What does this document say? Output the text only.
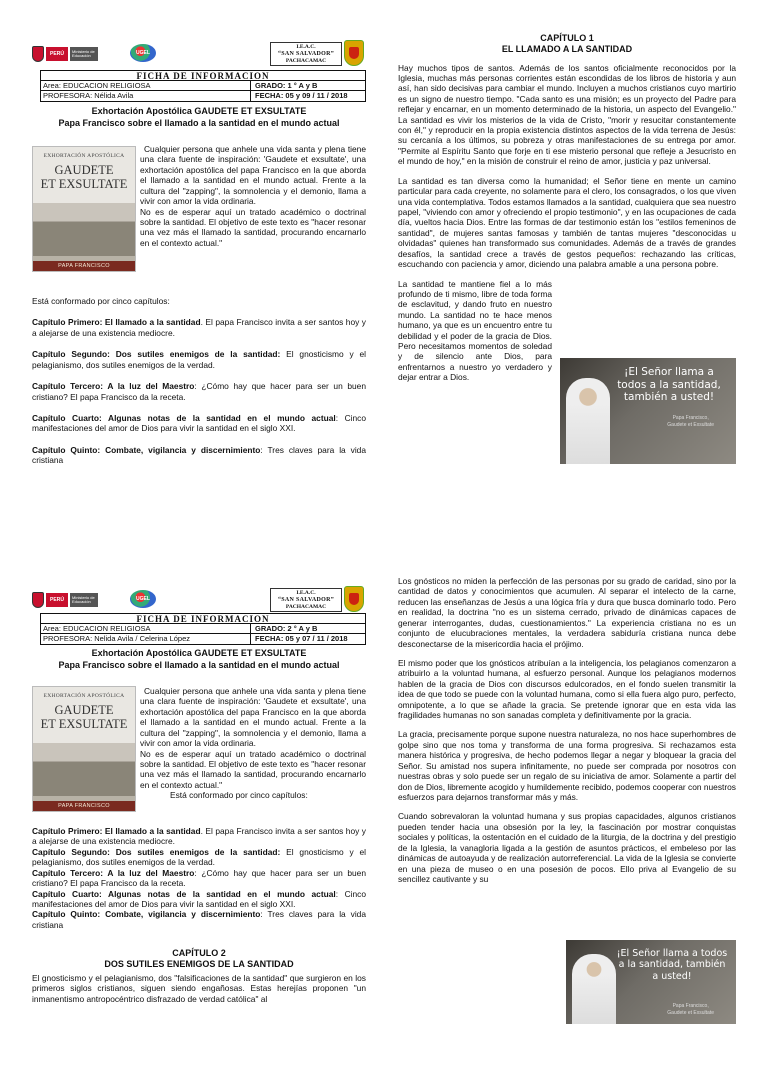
PERÚ	Ministerio de Educación	UGEL
I.E.A.C.
“SAN SALVADOR”
PACHACAMAC
FICHA DE INFORMACION
Area: EDUCACION RELIGIOSA	GRADO: 1 ° A y B
PROFESORA: Nélida Avila	FECHA: 05 y 09 / 11 / 2018
Exhortación Apostólica GAUDETE ET EXSULTATE
Papa Francisco sobre el llamado a la santidad en el mundo actual
EXHORTACIÓN APOSTÓLICA
GAUDETE
ET EXSULTATE
PAPA FRANCISCO

Cualquier persona que anhele una vida santa y plena tiene una clara fuente de inspiración: 'Gaudete et exsultate', una exhortación apostólica del papa Francisco en la que aborda el llamado a la santidad en el mundo actual. Frente a la cultura del "zapping", la somnolencia y el demonio, llama a vivir con amor la vida ordinaria.

No es de esperar aquí un tratado académico o doctrinal sobre la santidad. El objetivo de este texto es "hacer resonar una vez más el llamado la santidad, procurando encarnarlo en el contexto actual."

Está conformado por cinco capítulos:

Capítulo Primero: El llamado a la santidad. El papa Francisco invita a ser santos hoy y a alejarse de una existencia mediocre.

Capítulo Segundo: Dos sutiles enemigos de la santidad: El gnosticismo y el pelagianismo, dos sutiles enemigos de la verdad.

Capítulo Tercero: A la luz del Maestro: ¿Cómo hay que hacer para ser un buen cristiano? El papa Francisco da la receta.

Capítulo Cuarto: Algunas notas de la santidad en el mundo actual: Cinco manifestaciones del amor de Dios para vivir la santidad en el siglo XXI.

Capítulo Quinto: Combate, vigilancia y discernimiento: Tres claves para la vida cristiana

CAPÍTULO 1
EL LLAMADO A LA SANTIDAD

Hay muchos tipos de santos. Además de los santos oficialmente reconocidos por la Iglesia, muchas más personas corrientes están escondidas de los libros de historia y aun así, han sido decisivas para cambiar el mundo. Incluyen a muchos cristianos cuyo martirio es un signo de nuestro tiempo. "Cada santo es una misión; es un proyecto del Padre para reflejar y encarnar, en un momento determinado de la historia, un aspecto del Evangelio." La santidad es vivir los misterios de la vida de Cristo, "morir y resucitar constantemente con él," y reproducir en la propia existencia distintos aspectos de la vida terrena de Jesús: su cercanía a los últimos, su pobreza y otras manifestaciones de su entrega por amor. "Permite al Espíritu Santo que forje en ti ese misterio personal que refleje a Jesucristo en el mundo de hoy," en la misión de construir el reino de amor, justicia y paz universal.

La santidad es tan diversa como la humanidad; el Señor tiene en mente un camino particular para cada creyente, no solamente para el clero, los consagrados, o los que viven una vida contemplativa. Todos estamos llamados a la santidad, cualquiera que sea nuestro papel, "viviendo con amor y ofreciendo el propio testimonio", y en las ocupaciones de cada día, vueltos hacia Dios. Entre las formas de dar testimonio están los "estilos femeninos de santidad", de mujeres santas famosas y también de tantas mujeres "desconocidas u olvidadas" quienes han transformado sus comunidades. Además de a través de grandes desafíos, la santidad crece a través de gestos pequeños: rechazando las críticas, escuchando con paciencia y amor, diciendo una palabra amable a una persona pobre.

La santidad te mantiene fiel a lo más profundo de ti mismo, libre de toda forma de esclavitud, y dando fruto en nuestro mundo. La santidad no te hace menos humano, ya que es un encuentro entre tu debilidad y el poder de la gracia de Dios. Pero necesitamos momentos de soledad y de silencio ante Dios, para enfrentarnos a nuestro yo verdadero y dejar entrar a Dios.	¡El Señor llama a todos a la santidad, también a usted!
Papa Francisco,
Gaudete et Exsultate
PERÚ	Ministerio de Educación	UGEL
I.E.A.C.
“SAN SALVADOR”
PACHACAMAC
FICHA DE INFORMACION
Area: EDUCACION RELIGIOSA	GRADO: 2 ° A y B
PROFESORA: Nelida Avila / Celerina López	FECHA: 05 y 07 / 11 / 2018
Exhortación Apostólica GAUDETE ET EXSULTATE
Papa Francisco sobre el llamado a la santidad en el mundo actual
EXHORTACIÓN APOSTÓLICA
GAUDETE
ET EXSULTATE
PAPA FRANCISCO

Cualquier persona que anhele una vida santa y plena tiene una clara fuente de inspiración: 'Gaudete et exsultate', una exhortación apostólica del papa Francisco en la que aborda el llamado a la santidad en el mundo actual. Frente a la cultura del "zapping", la somnolencia y el demonio, llama a vivir con amor la vida ordinaria.

No es de esperar aquí un tratado académico o doctrinal sobre la santidad. El objetivo de este texto es "hacer resonar una vez más el llamado la santidad, procurando encarnarlo en el contexto actual."

Está conformado por cinco capítulos:

Capítulo Primero: El llamado a la santidad. El papa Francisco invita a ser santos hoy y a alejarse de una existencia mediocre.

Capítulo Segundo: Dos sutiles enemigos de la santidad: El gnosticismo y el pelagianismo, dos sutiles enemigos de la verdad.

Capítulo Tercero: A la luz del Maestro: ¿Cómo hay que hacer para ser un buen cristiano? El papa Francisco da la receta.

Capítulo Cuarto: Algunas notas de la santidad en el mundo actual: Cinco manifestaciones del amor de Dios para vivir la santidad en el siglo XXI.

Capítulo Quinto: Combate, vigilancia y discernimiento: Tres claves para la vida cristiana

CAPÍTULO 2
DOS SUTILES ENEMIGOS DE LA SANTIDAD

El gnosticismo y el pelagianismo, dos "falsificaciones de la santidad" que surgieron en los primeros siglos cristianos, siguen siendo engañosas. Estas herejías proponen "un inmanentismo antropocéntrico disfrazado de verdad católica" al

Los gnósticos no miden la perfección de las personas por su grado de caridad, sino por la cantidad de datos y conocimientos que acumulen. Al separar el intelecto de la carne, reducen las enseñanzas de Jesús a una lógica fría y dura que busca dominarlo todo. Pero en realidad, la doctrina "no es un sistema cerrado, privado de dinámicas capaces de generar interrogantes, dudas, cuestionamientos." La experiencia cristiana no es un conjunto de elucubraciones mentales, la verdadera sabiduría cristiana nunca debe desconectarse de la misericordia hacia el prójimo.

El mismo poder que los gnósticos atribuían a la inteligencia, los pelagianos comenzaron a atribuirlo a la voluntad humana, al esfuerzo personal. Aunque los pelagianos modernos hablen de la gracia de Dios con discursos edulcorados, en el fondo suelen transmitir la idea de que todo se puede con la voluntad humana, como si ella fuera algo puro, perfecto, omnipotente, a lo que se añade la gracia. Se pretende ignorar que en esta vida las fragilidades humanas no son sanadas completa y definitivamente por la gracia.

La gracia, precisamente porque supone nuestra naturaleza, no nos hace superhombres de golpe sino que nos toma y transforma de una forma progresiva. Si rechazamos esta manera histórica y progresiva, de hecho podemos llegar a negar y bloquear la gracia del Señor. Su amistad nos supera infinitamente, no puede ser comprada por nosotros con nuestras obras y solo puede ser un regalo de su iniciativa de amor. Solamente a partir del don de Dios, libremente acogido y humildemente recibido, podemos cooperar con nuestros esfuerzos para dejarnos transformar más y más.

Cuando sobrevaloran la voluntad humana y sus propias capacidades, algunos cristianos pueden tender hacia una obsesión por la ley, la fascinación por mostrar conquistas sociales y políticas, la ostentación en el cuidado de la liturgia, de la doctrina y del prestigio de la Iglesia, la vanagloria ligada a la gestión de asuntos prácticos, el embeleso por las dinámicas de autoayuda y de realización autorreferencial. La vida de la Iglesia se convierte en una pieza de museo o en una posesión de pocos. Ello priva al Evangelio de su sencillez cautivante y su

¡El Señor llama a todos a la santidad, también a usted!
Papa Francisco,
Gaudete et Exsultate
